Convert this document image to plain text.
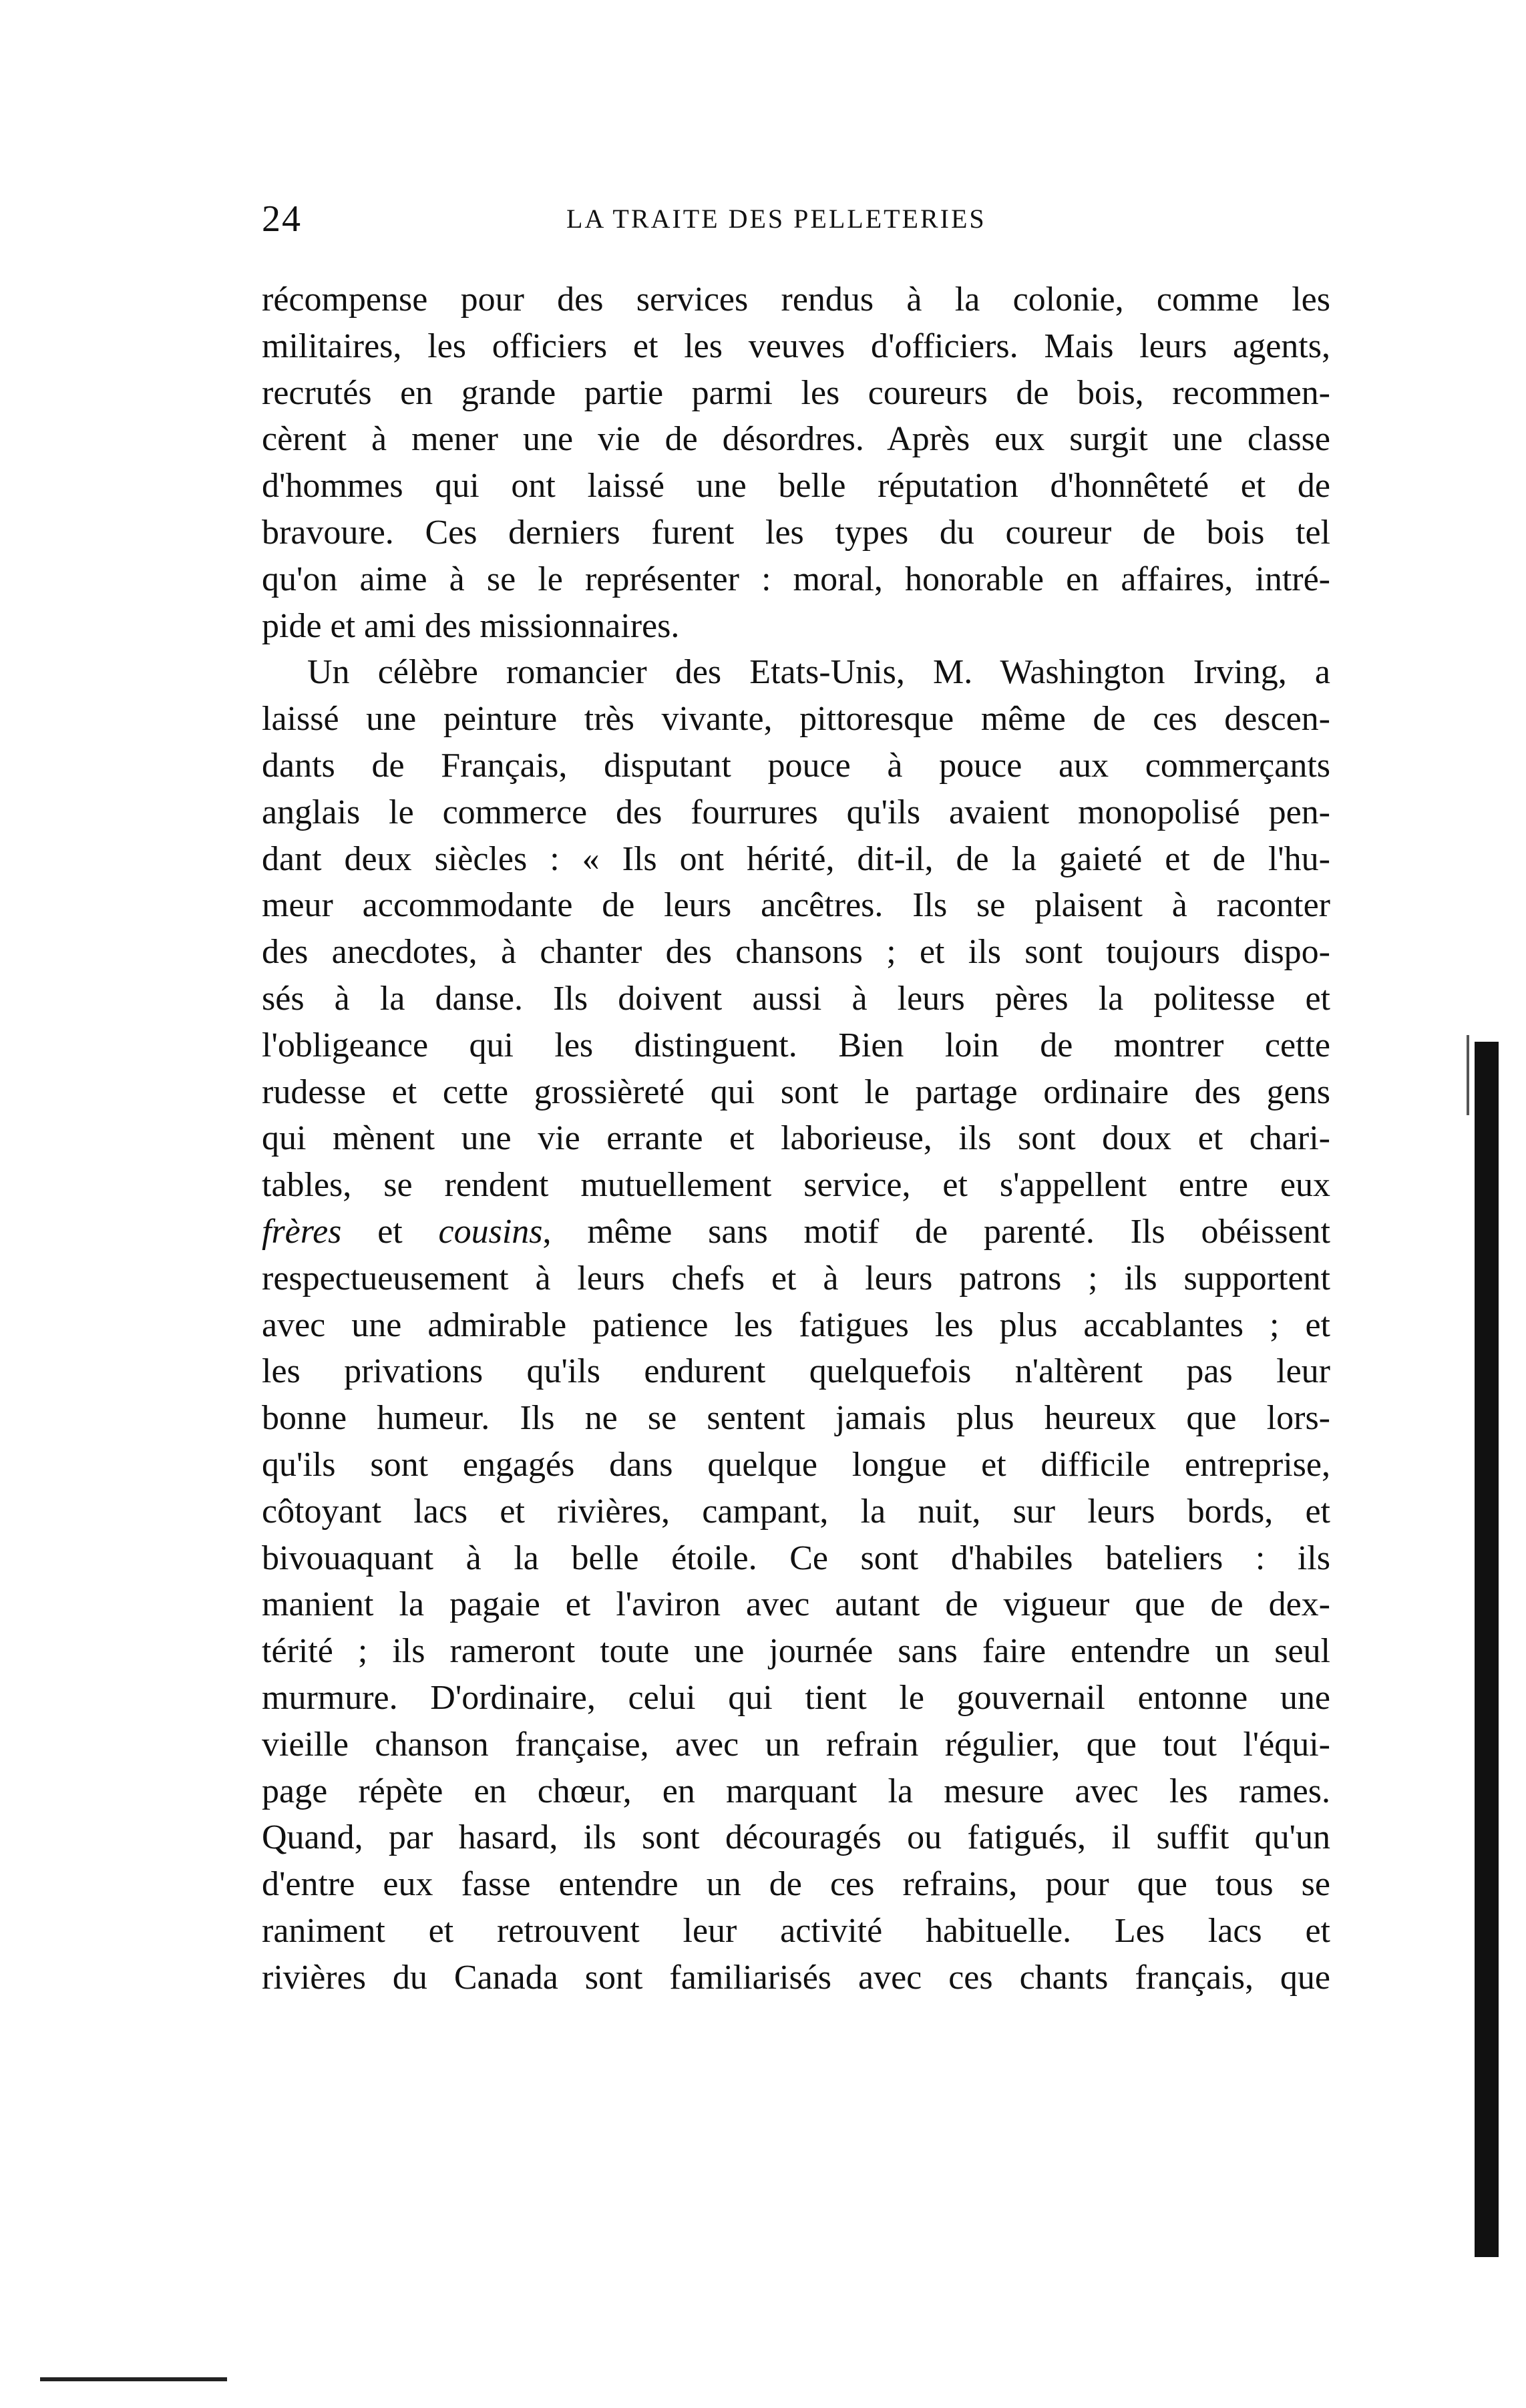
24	LA TRAITE DES PELLETERIES
récompense pour des services rendus à la colonie, comme les
militaires, les officiers et les veuves d'officiers. Mais leurs agents,
recrutés en grande partie parmi les coureurs de bois, recommen-
cèrent à mener une vie de désordres. Après eux surgit une classe
d'hommes qui ont laissé une belle réputation d'honnêteté et de
bravoure. Ces derniers furent les types du coureur de bois tel
qu'on aime à se le représenter : moral, honorable en affaires, intré-
pide et ami des missionnaires.
Un célèbre romancier des Etats-Unis, M. Washington Irving, a
laissé une peinture très vivante, pittoresque même de ces descen-
dants de Français, disputant pouce à pouce aux commerçants
anglais le commerce des fourrures qu'ils avaient monopolisé pen-
dant deux siècles : « Ils ont hérité, dit-il, de la gaieté et de l'hu-
meur accommodante de leurs ancêtres. Ils se plaisent à raconter
des anecdotes, à chanter des chansons ; et ils sont toujours dispo-
sés à la danse. Ils doivent aussi à leurs pères la politesse et
l'obligeance qui les distinguent. Bien loin de montrer cette
rudesse et cette grossièreté qui sont le partage ordinaire des gens
qui mènent une vie errante et laborieuse, ils sont doux et chari-
tables, se rendent mutuellement service, et s'appellent entre eux
frères et cousins, même sans motif de parenté. Ils obéissent
respectueusement à leurs chefs et à leurs patrons ; ils supportent
avec une admirable patience les fatigues les plus accablantes ; et
les privations qu'ils endurent quelquefois n'altèrent pas leur
bonne humeur. Ils ne se sentent jamais plus heureux que lors-
qu'ils sont engagés dans quelque longue et difficile entreprise,
côtoyant lacs et rivières, campant, la nuit, sur leurs bords, et
bivouaquant à la belle étoile. Ce sont d'habiles bateliers : ils
manient la pagaie et l'aviron avec autant de vigueur que de dex-
térité ; ils rameront toute une journée sans faire entendre un seul
murmure. D'ordinaire, celui qui tient le gouvernail entonne une
vieille chanson française, avec un refrain régulier, que tout l'équi-
page répète en chœur, en marquant la mesure avec les rames.
Quand, par hasard, ils sont découragés ou fatigués, il suffit qu'un
d'entre eux fasse entendre un de ces refrains, pour que tous se
raniment et retrouvent leur activité habituelle. Les lacs et
rivières du Canada sont familiarisés avec ces chants français, que
